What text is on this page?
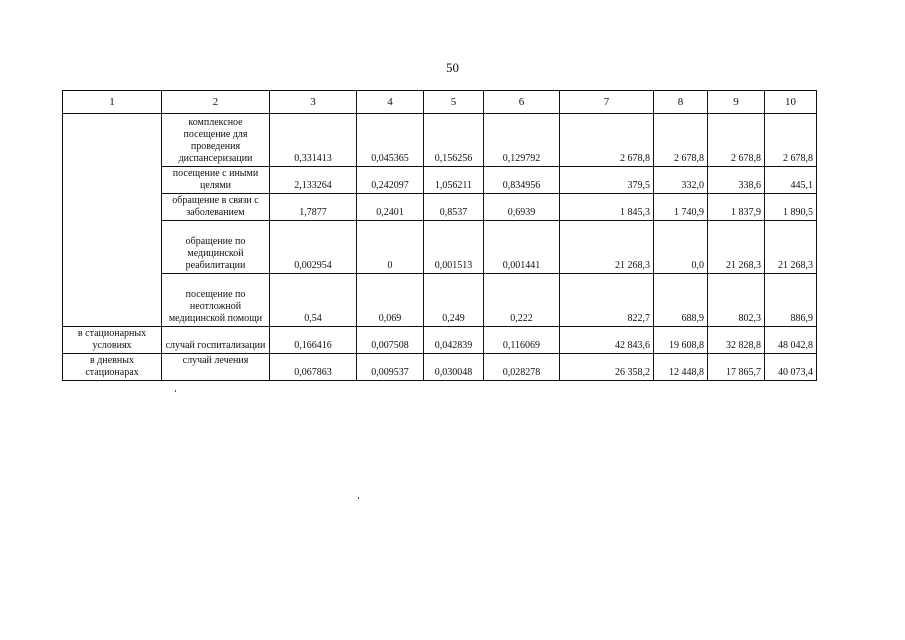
50
1	2	3	4	5	6	7	8	9	10
	комплексное посещение для проведения диспансеризации	0,331413	0,045365	0,156256	0,129792	2 678,8	2 678,8	2 678,8	2 678,8
	посещение с иными целями	2,133264	0,242097	1,056211	0,834956	379,5	332,0	338,6	445,1
	обращение в связи с заболеванием	1,7877	0,2401	0,8537	0,6939	1 845,3	1 740,9	1 837,9	1 890,5
	обращение по медицинской реабилитации	0,002954	0	0,001513	0,001441	21 268,3	0,0	21 268,3	21 268,3
	посещение по неотложной медицинской помощи	0,54	0,069	0,249	0,222	822,7	688,9	802,3	886,9
в стационарных условиях	случай госпитализации	0,166416	0,007508	0,042839	0,116069	42 843,6	19 608,8	32 828,8	48 042,8
в дневных стационарах	случай лечения	0,067863	0,009537	0,030048	0,028278	26 358,2	12 448,8	17 865,7	40 073,4
